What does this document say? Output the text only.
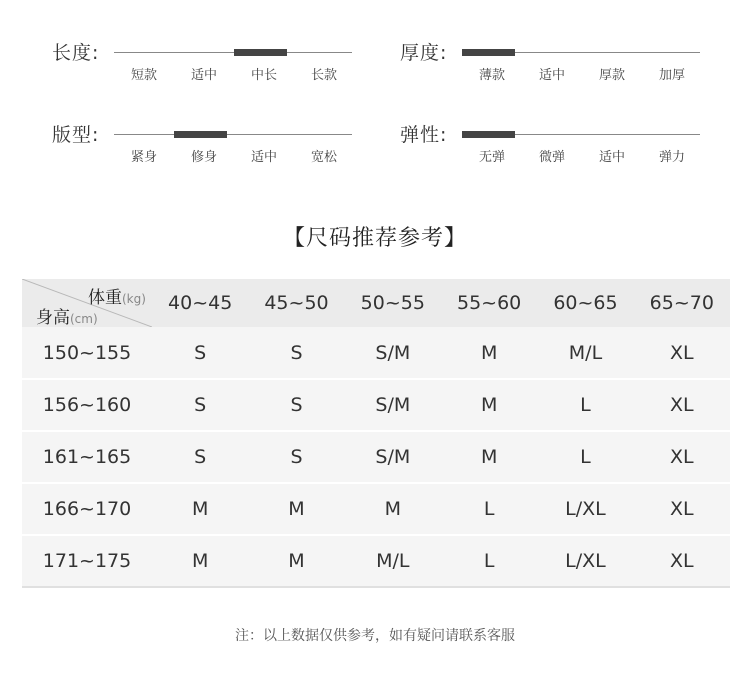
长度:
短款	适中	中长	长款
厚度:
薄款	适中	厚款	加厚
版型:
紧身	修身	适中	宽松
弹性:
无弹	微弹	适中	弹力
【尺码推荐参考】
体重(kg)
身高(cm)	40~45	45~50	50~55	55~60	60~65	65~70
150~155	S	S	S/M	M	M/L	XL
156~160	S	S	S/M	M	L	XL
161~165	S	S	S/M	M	L	XL
166~170	M	M	M	L	L/XL	XL
171~175	M	M	M/L	L	L/XL	XL
注：以上数据仅供参考，如有疑问请联系客服
